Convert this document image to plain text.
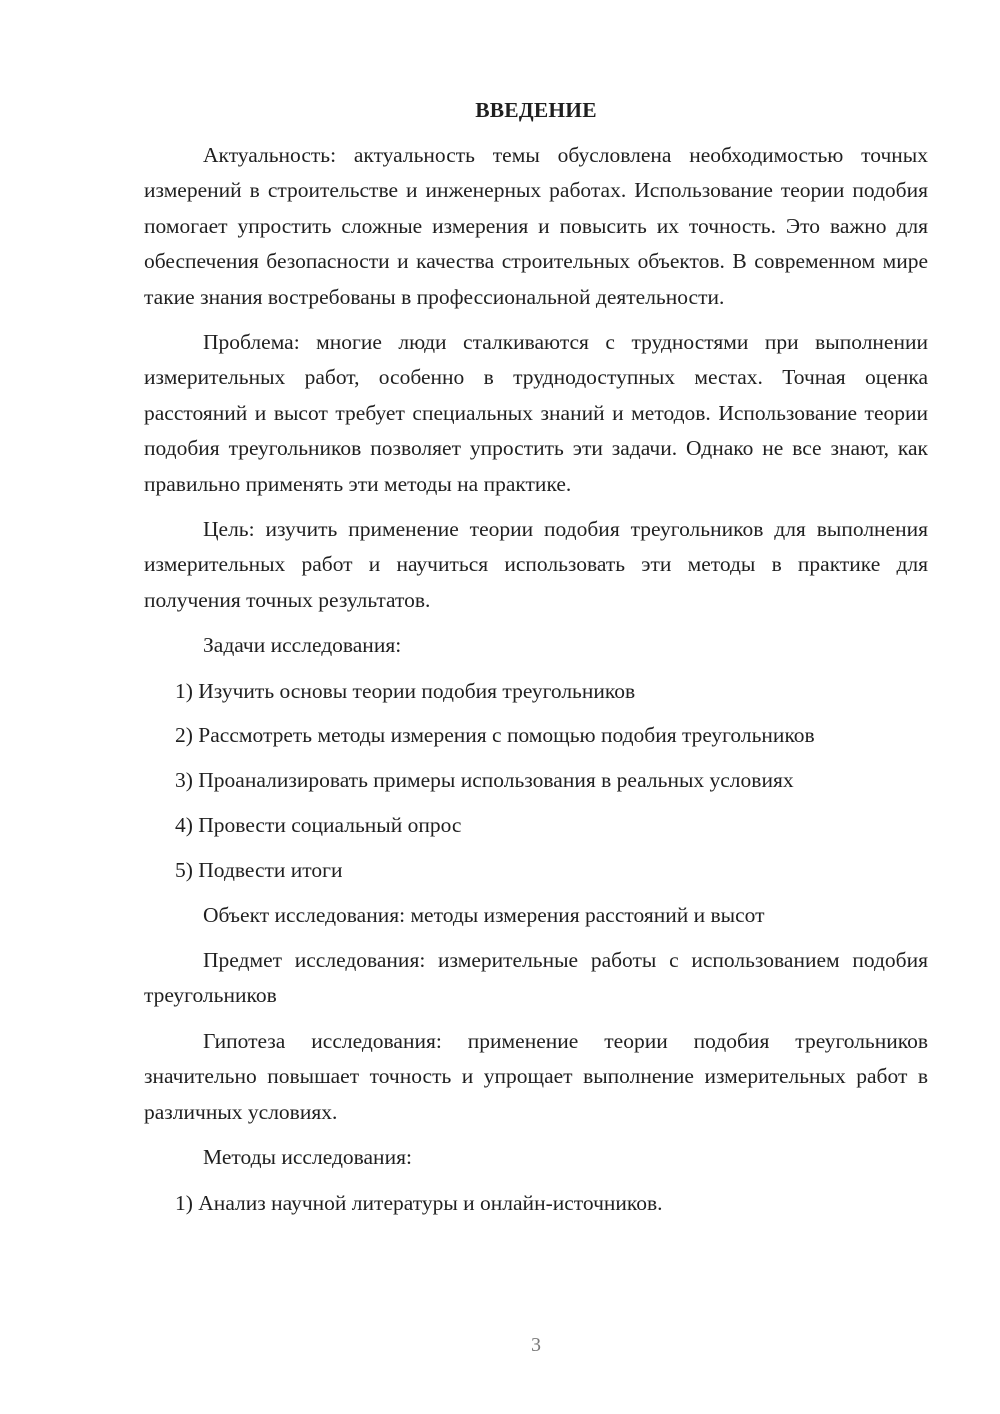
ВВЕДЕНИЕ

Актуальность: актуальность темы обусловлена необходимостью точных измерений в строительстве и инженерных работах. Использование теории подобия помогает упростить сложные измерения и повысить их точность. Это важно для обеспечения безопасности и качества строительных объектов. В современном мире такие знания востребованы в профессиональной деятельности.

Проблема: многие люди сталкиваются с трудностями при выполнении измерительных работ, особенно в труднодоступных местах. Точная оценка расстояний и высот требует специальных знаний и методов. Использование теории подобия треугольников позволяет упростить эти задачи. Однако не все знают, как правильно применять эти методы на практике.

Цель: изучить применение теории подобия треугольников для выполнения измерительных работ и научиться использовать эти методы в практике для получения точных результатов.

Задачи исследования:

1) Изучить основы теории подобия треугольников
2) Рассмотреть методы измерения с помощью подобия треугольников
3) Проанализировать примеры использования в реальных условиях
4) Провести социальный опрос
5) Подвести итоги

Объект исследования: методы измерения расстояний и высот

Предмет исследования: измерительные работы с использованием подобия треугольников

Гипотеза исследования: применение теории подобия треугольников значительно повышает точность и упрощает выполнение измерительных работ в различных условиях.

Методы исследования:

1) Анализ научной литературы и онлайн-источников.
3
